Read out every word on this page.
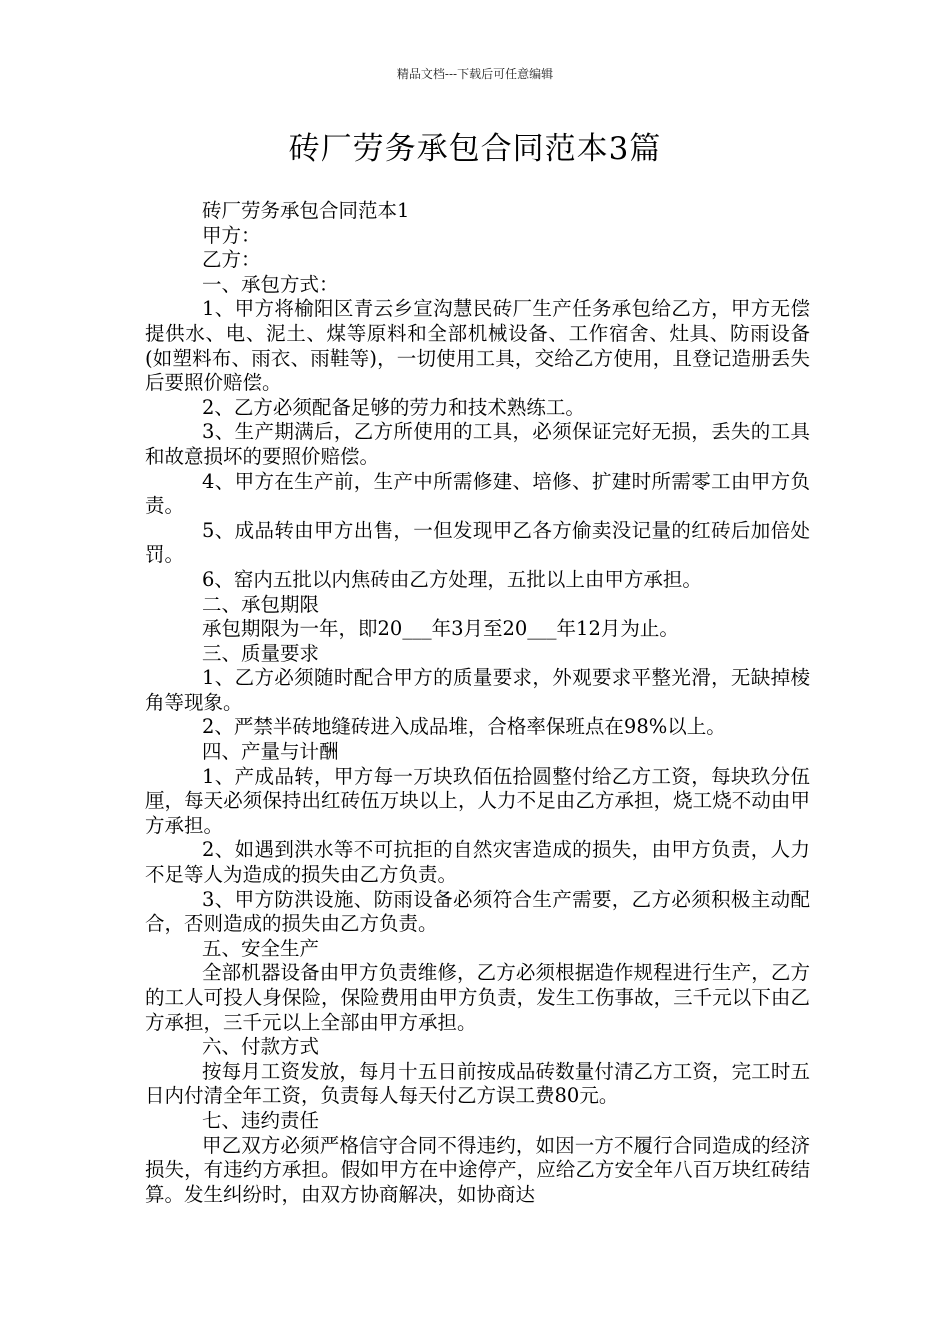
精品文档---下载后可任意编辑
砖厂劳务承包合同范本3篇

砖厂劳务承包合同范本1

甲方：

乙方：

一、承包方式：

1、甲方将榆阳区青云乡宣沟慧民砖厂生产任务承包给乙方，甲方无偿提供水、电、泥土、煤等原料和全部机械设备、工作宿舍、灶具、防雨设备(如塑料布、雨衣、雨鞋等)，一切使用工具，交给乙方使用，且登记造册丢失后要照价赔偿。

2、乙方必须配备足够的劳力和技术熟练工。

3、生产期满后，乙方所使用的工具，必须保证完好无损，丢失的工具和故意损坏的要照价赔偿。

4、甲方在生产前，生产中所需修建、培修、扩建时所需零工由甲方负责。

5、成品转由甲方出售，一但发现甲乙各方偷卖没记量的红砖后加倍处罚。

6、窑内五批以内焦砖由乙方处理，五批以上由甲方承担。

二、承包期限

承包期限为一年，即20___年3月至20___年12月为止。

三、质量要求

1、乙方必须随时配合甲方的质量要求，外观要求平整光滑，无缺掉棱角等现象。

2、严禁半砖地缝砖进入成品堆，合格率保班点在98%以上。

四、产量与计酬

1、产成品转，甲方每一万块玖佰伍拾圆整付给乙方工资，每块玖分伍厘，每天必须保持出红砖伍万块以上，人力不足由乙方承担，烧工烧不动由甲方承担。

2、如遇到洪水等不可抗拒的自然灾害造成的损失，由甲方负责，人力不足等人为造成的损失由乙方负责。

3、甲方防洪设施、防雨设备必须符合生产需要，乙方必须积极主动配合，否则造成的损失由乙方负责。

五、安全生产

全部机器设备由甲方负责维修，乙方必须根据造作规程进行生产，乙方的工人可投人身保险，保险费用由甲方负责，发生工伤事故，三千元以下由乙方承担，三千元以上全部由甲方承担。

六、付款方式

按每月工资发放，每月十五日前按成品砖数量付清乙方工资，完工时五日内付清全年工资，负责每人每天付乙方误工费80元。

七、违约责任

甲乙双方必须严格信守合同不得违约，如因一方不履行合同造成的经济损失，有违约方承担。假如甲方在中途停产，应给乙方安全年八百万块红砖结算。发生纠纷时，由双方协商解决，如协商达
